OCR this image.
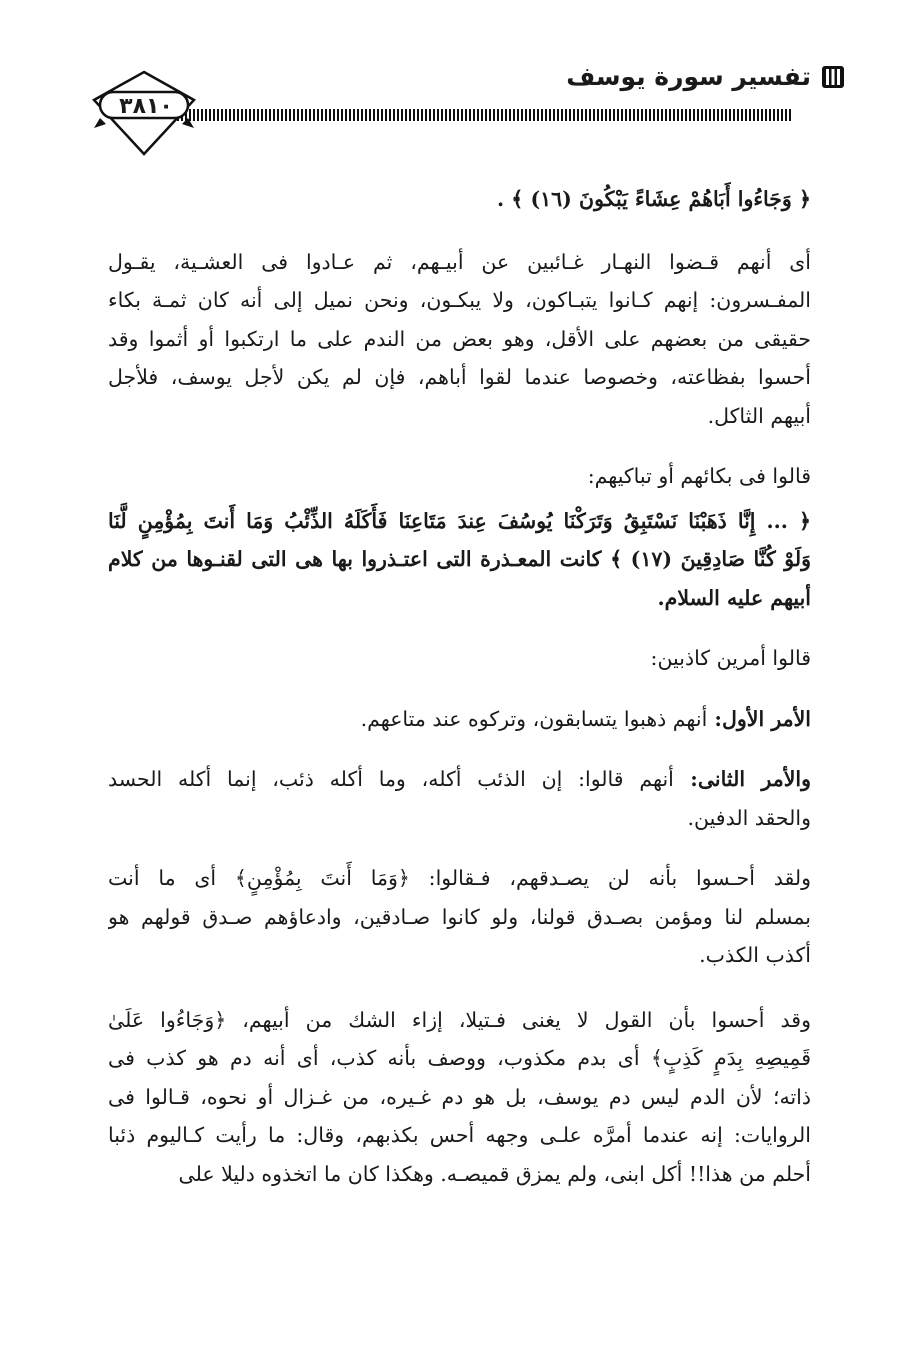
تفسير سورة يوسف
٣٨١٠
﴿ وَجَاءُوا أَبَاهُمْ عِشَاءً يَبْكُونَ (١٦) ﴾ .
أى أنهم قـضوا النهـار غـائبين عن أبيـهم، ثم عـادوا فى العشـية، يقـول
المفـسرون: إنهم كـانوا يتبـاكون، ولا يبكـون، ونحن نميل إلى أنه كان ثمـة بكاء
حقيقى من بعضهم على الأقل، وهو بعض من الندم على ما ارتكبوا أو أثموا وقد
أحسوا بفظاعته، وخصوصا عندما لقوا أباهم، فإن لم يكن لأجل يوسف، فلأجل
أبيهم الثاكل.
قالوا فى بكائهم أو تباكيهم:
﴿ ... إِنَّا ذَهَبْنَا نَسْتَبِقُ وَتَرَكْنَا يُوسُفَ عِندَ مَتَاعِنَا فَأَكَلَهُ الذِّئْبُ وَمَا أَنتَ بِمُؤْمِنٍ لَّنَا
وَلَوْ كُنَّا صَادِقِينَ (١٧) ﴾ كانت المعـذرة التى اعتـذروا بها هى التى لقنـوها من كلام
أبيهم عليه السلام.
قالوا أمرين كاذبين:
الأمر الأول: أنهم ذهبوا يتسابقون، وتركوه عند متاعهم.
والأمر الثانى: أنهم قالوا: إن الذئب أكله، وما أكله ذئب، إنما أكله الحسد
والحقد الدفين.
ولقد أحـسوا بأنه لن يصـدقهم، فـقالوا: ﴿وَمَا أَنتَ بِمُؤْمِنٍ﴾ أى ما أنت
بمسلم لنا ومؤمن بصـدق قولنا، ولو كانوا صـادقين، وادعاؤهم صـدق قولهم هو
أكذب الكذب.
وقد أحسوا بأن القول لا يغنى فـتيلا، إزاء الشك من أبيهم، ﴿وَجَاءُوا عَلَىٰ
قَمِيصِهِ بِدَمٍ كَذِبٍ﴾ أى بدم مكذوب، ووصف بأنه كذب، أى أنه دم هو كذب فى
ذاته؛ لأن الدم ليس دم يوسف، بل هو دم غـيره، من غـزال أو نحوه، قـالوا فى
الروايات: إنه عندما أمرَّه علـى وجهه أحس بكذبهم، وقال: ما رأيت كـاليوم ذئبا
أحلم من هذا!! أكل ابنى، ولم يمزق قميصـه. وهكذا كان ما اتخذوه دليلا على
